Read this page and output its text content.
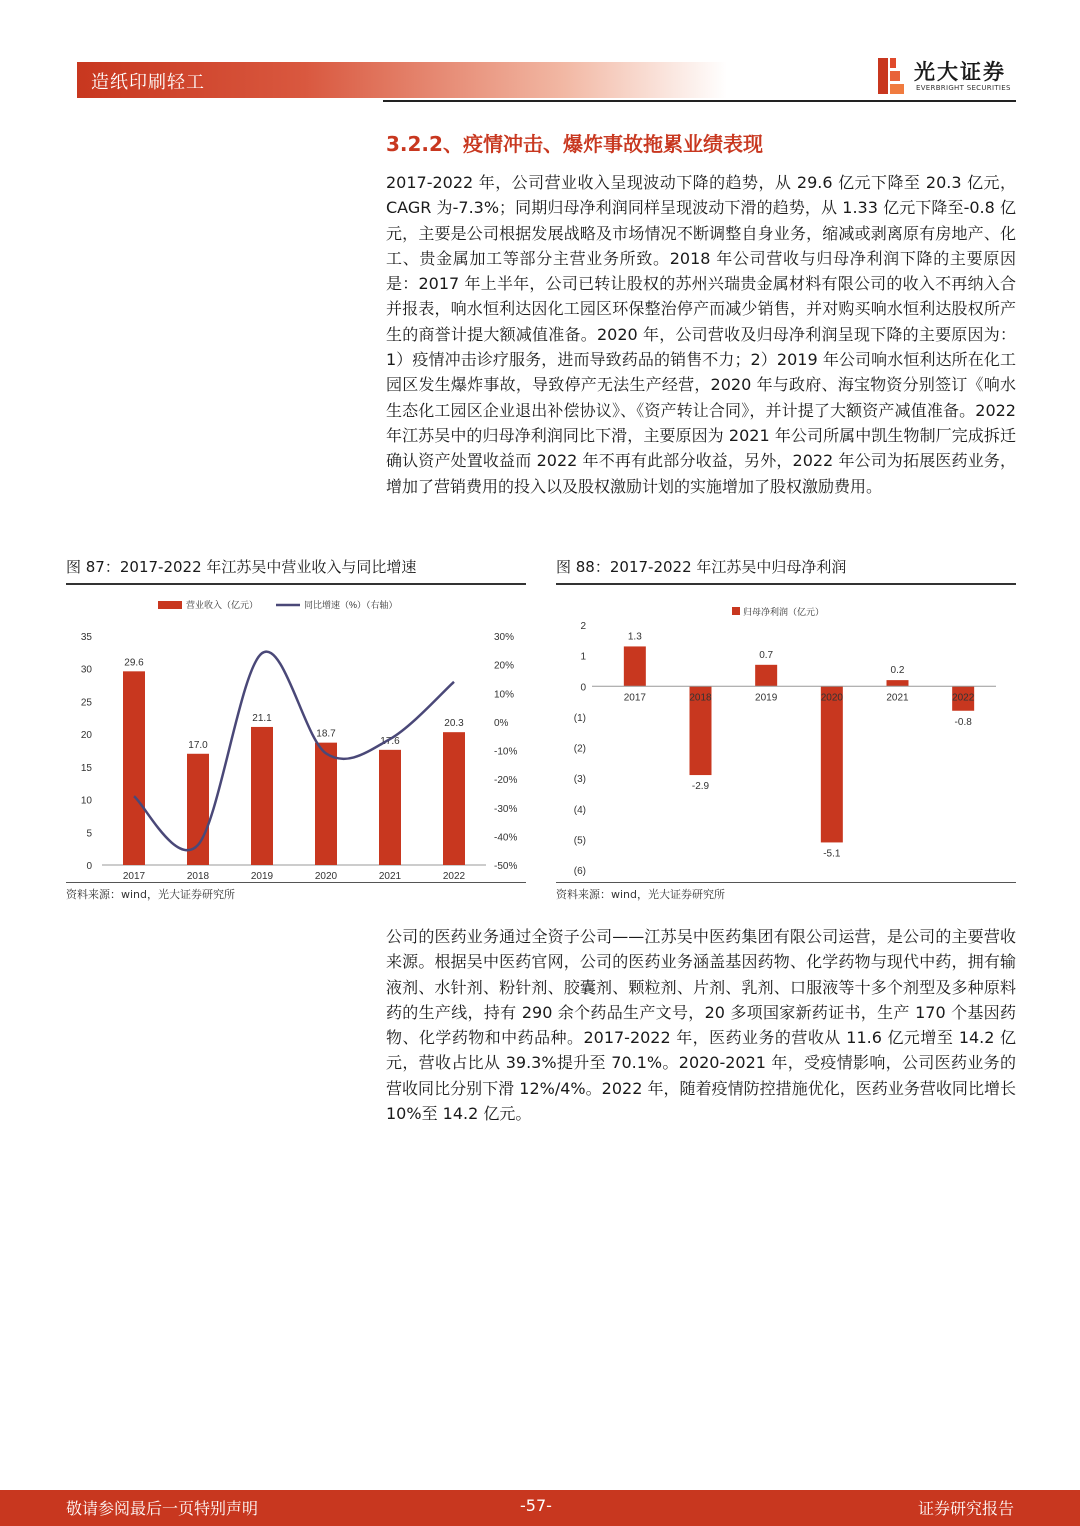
造纸印刷轻工	光大证券
EVERBRIGHT SECURITIES
3.2.2、疫情冲击、爆炸事故拖累业绩表现
2017-2022 年，公司营业收入呈现波动下降的趋势，从 29.6 亿元下降至 20.3 亿元，CAGR 为-7.3%；同期归母净利润同样呈现波动下滑的趋势，从 1.33 亿元下降至-0.8 亿元，主要是公司根据发展战略及市场情况不断调整自身业务，缩减或剥离原有房地产、化工、贵金属加工等部分主营业务所致。2018 年公司营收与归母净利润下降的主要原因是：2017 年上半年，公司已转让股权的苏州兴瑞贵金属材料有限公司的收入不再纳入合并报表，响水恒利达因化工园区环保整治停产而减少销售，并对购买响水恒利达股权所产生的商誉计提大额减值准备。2020 年，公司营收及归母净利润呈现下降的主要原因为：1）疫情冲击诊疗服务，进而导致药品的销售不力；2）2019 年公司响水恒利达所在化工园区发生爆炸事故，导致停产无法生产经营，2020 年与政府、海宝物资分别签订《响水生态化工园区企业退出补偿协议》、《资产转让合同》，并计提了大额资产减值准备。2022 年江苏吴中的归母净利润同比下滑，主要原因为 2021 年公司所属中凯生物制厂完成拆迁确认资产处置收益而 2022 年不再有此部分收益，另外，2022 年公司为拓展医药业务，增加了营销费用的投入以及股权激励计划的实施增加了股权激励费用。
图 87：2017-2022 年江苏吴中营业收入与同比增速
营业收入（亿元）	同比增速（%）（右轴）
0
5
10
15
20
25
30
35
-50%
-40%
-30%
-20%
-10%
0%
10%
20%
30%
29.6
2017
17.0
2018
21.1
2019
18.7
2020
17.6
2021
20.3
2022
资料来源：wind，光大证券研究所
图 88：2017-2022 年江苏吴中归母净利润
归母净利润（亿元）
2
1
0
(1)
(2)
(3)
(4)
(5)
(6)
1.3
-2.9
0.7
-5.1
0.2
-0.8
2017	2018	2019	2020	2021	2022
资料来源：wind，光大证券研究所
公司的医药业务通过全资子公司——江苏吴中医药集团有限公司运营，是公司的主要营收来源。根据吴中医药官网，公司的医药业务涵盖基因药物、化学药物与现代中药，拥有输液剂、水针剂、粉针剂、胶囊剂、颗粒剂、片剂、乳剂、口服液等十多个剂型及多种原料药的生产线，持有 290 余个药品生产文号，20 多项国家新药证书，生产 170 个基因药物、化学药物和中药品种。2017-2022 年，医药业务的营收从 11.6 亿元增至 14.2 亿元，营收占比从 39.3%提升至 70.1%。2020-2021 年，受疫情影响，公司医药业务的营收同比分别下滑 12%/4%。2022 年，随着疫情防控措施优化，医药业务营收同比增长 10%至 14.2 亿元。
敬请参阅最后一页特别声明	-57-	证券研究报告
